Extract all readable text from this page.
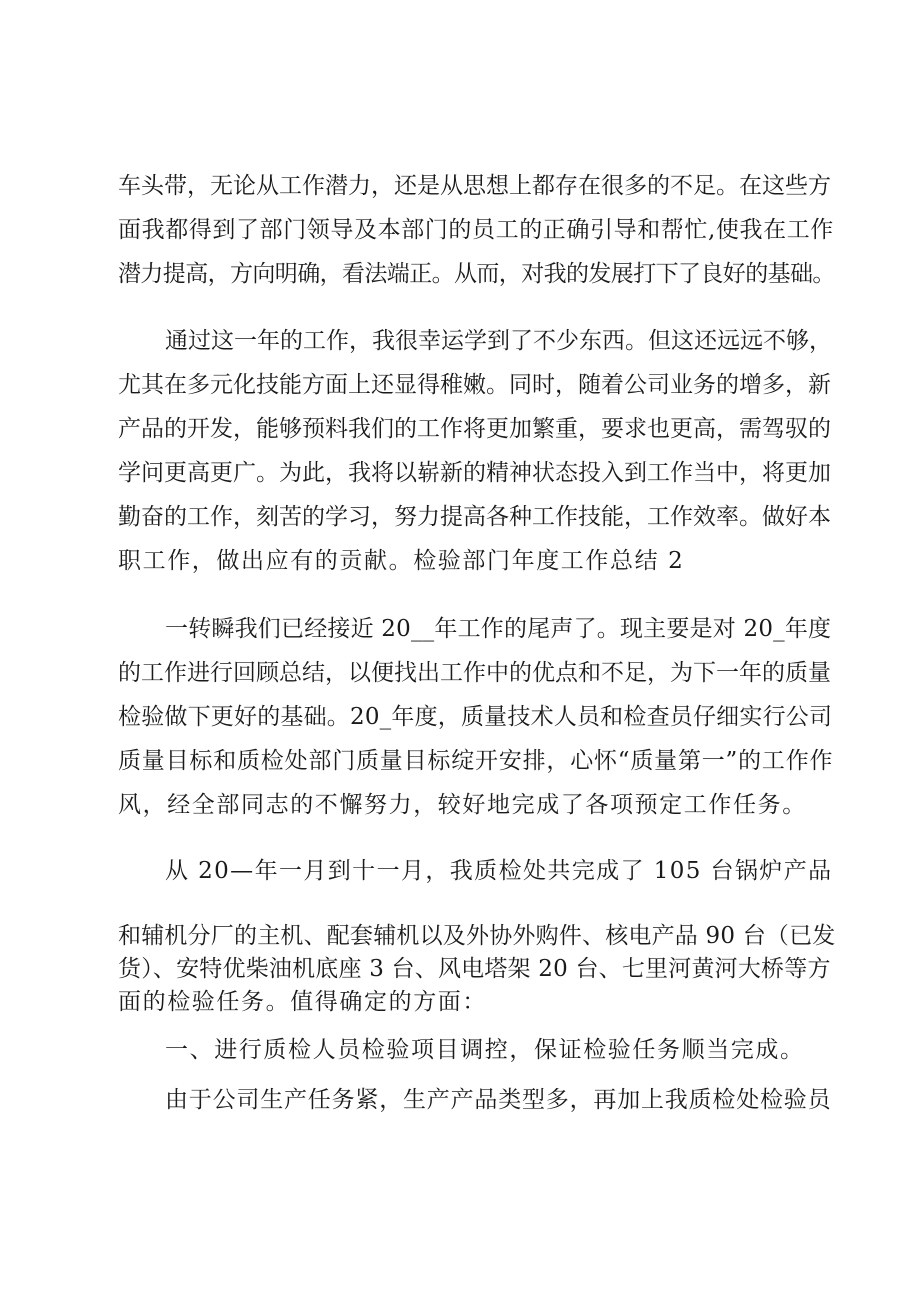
车头带，无论从工作潜力，还是从思想上都存在很多的不足。在这些方
面我都得到了部门领导及本部门的员工的正确引导和帮忙,使我在工作
潜力提高，方向明确，看法端正。从而，对我的发展打下了良好的基础。
通过这一年的工作，我很幸运学到了不少东西。但这还远远不够，
尤其在多元化技能方面上还显得稚嫩。同时，随着公司业务的增多，新
产品的开发，能够预料我们的工作将更加繁重，要求也更高，需驾驭的
学问更高更广。为此，我将以崭新的精神状态投入到工作当中，将更加
勤奋的工作，刻苦的学习，努力提高各种工作技能，工作效率。做好本
职工作，做出应有的贡献。检验部门年度工作总结 2
一转瞬我们已经接近 20__年工作的尾声了。现主要是对 20_年度
的工作进行回顾总结，以便找出工作中的优点和不足，为下一年的质量
检验做下更好的基础。20_年度，质量技术人员和检查员仔细实行公司
质量目标和质检处部门质量目标绽开安排，心怀“质量第一”的工作作
风，经全部同志的不懈努力，较好地完成了各项预定工作任务。
从 20—年一月到十一月，我质检处共完成了 105 台锅炉产品
和辅机分厂的主机、配套辅机以及外协外购件、核电产品 90 台（已发
货）、安特优柴油机底座 3 台、风电塔架 20 台、七里河黄河大桥等方
面的检验任务。值得确定的方面：
一、进行质检人员检验项目调控，保证检验任务顺当完成。
由于公司生产任务紧，生产产品类型多，再加上我质检处检验员
